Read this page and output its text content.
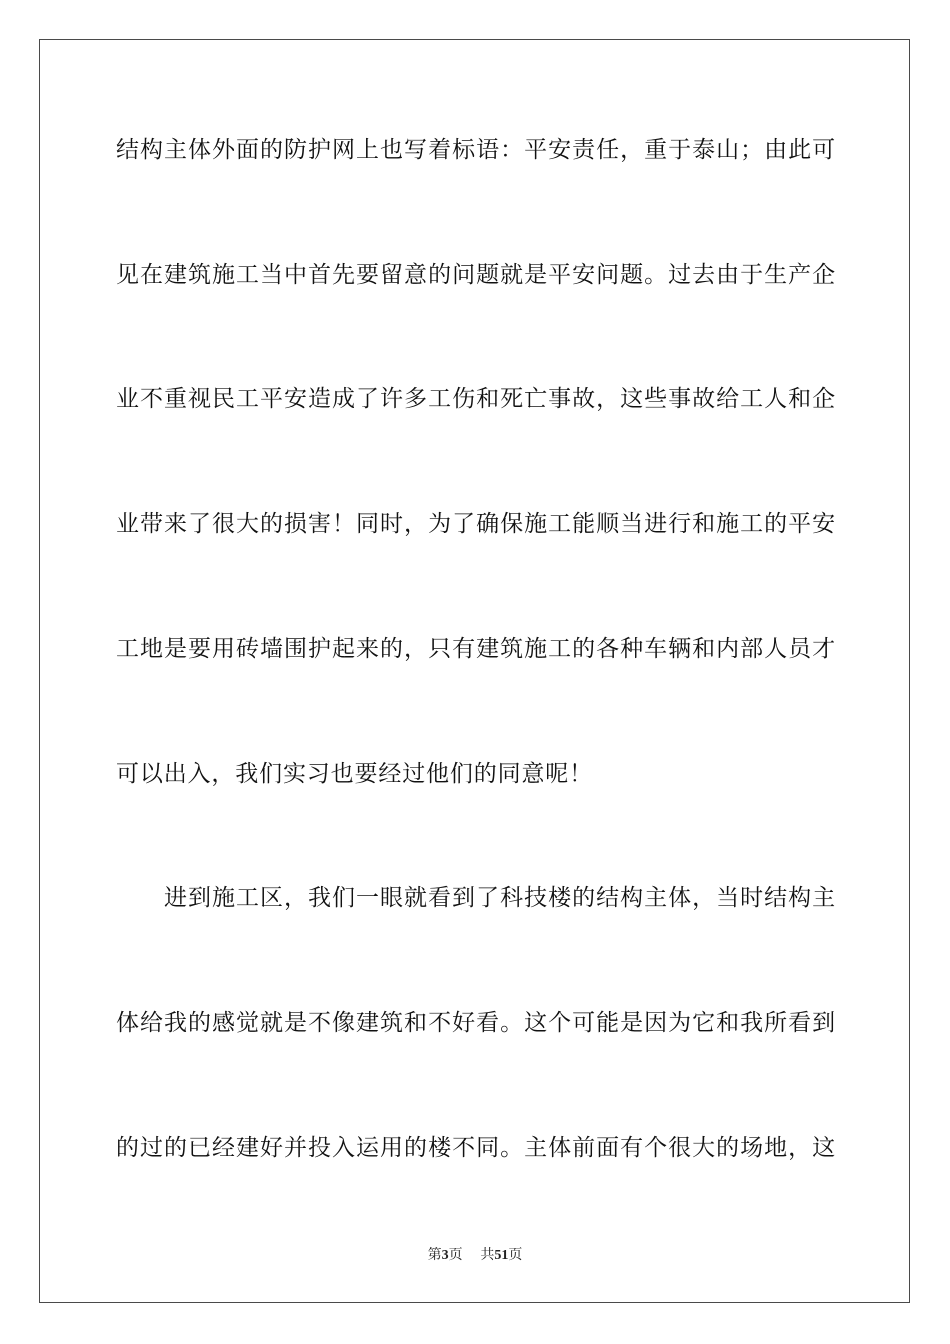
结构主体外面的防护网上也写着标语：平安责任，重于泰山；由此可
见在建筑施工当中首先要留意的问题就是平安问题。过去由于生产企
业不重视民工平安造成了许多工伤和死亡事故，这些事故给工人和企
业带来了很大的损害！同时，为了确保施工能顺当进行和施工的平安
工地是要用砖墙围护起来的，只有建筑施工的各种车辆和内部人员才
可以出入，我们实习也要经过他们的同意呢！
进到施工区，我们一眼就看到了科技楼的结构主体，当时结构主
体给我的感觉就是不像建筑和不好看。这个可能是因为它和我所看到
的过的已经建好并投入运用的楼不同。主体前面有个很大的场地，这
第3页 共51页
